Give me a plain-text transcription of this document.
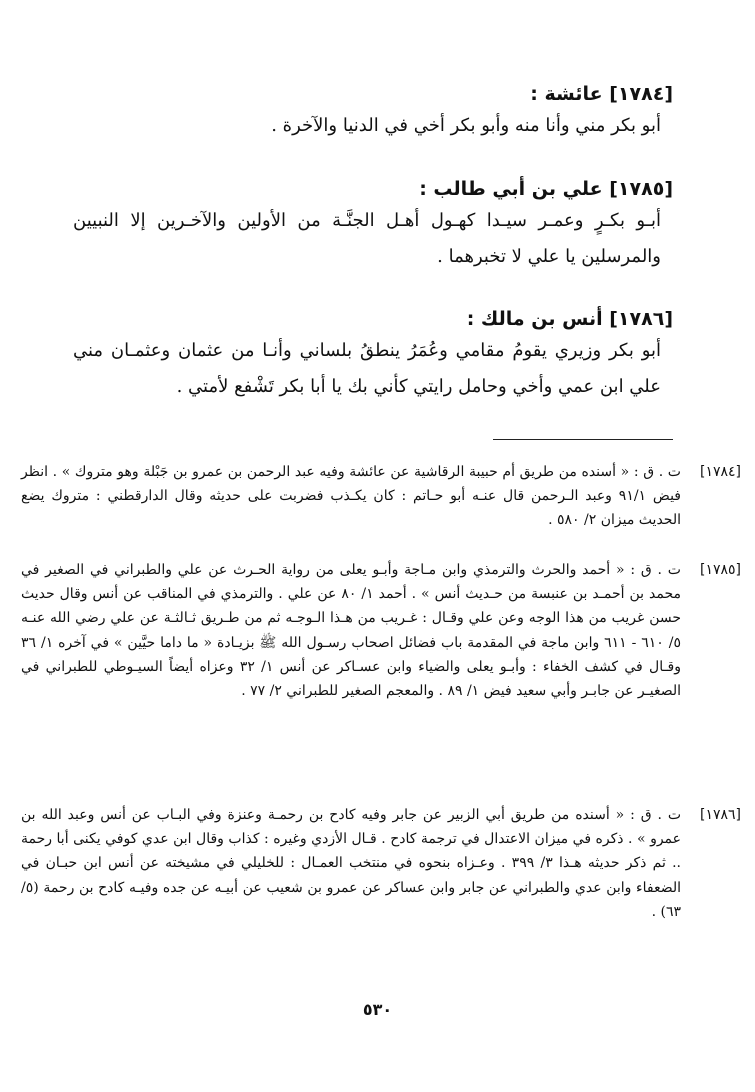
[١٧٨٤] عائشة :
أبو بكر مني وأنا منه وأبو بكر أخي في الدنيا والآخرة .
[١٧٨٥] علي بن أبي طالب :
أبـو بكـرٍ وعمـر سيـدا كهـول أهـل الجنَّـة من الأولين والآخـرين إلا النبيين والمرسلين يا علي لا تخبرهما .
[١٧٨٦] أنس بن مالك :
أبو بكر وزيري يقومُ مقامي وعُمَرُ ينطقُ بلساني وأنـا من عثمان وعثمـان مني علي ابن عمي وأخي وحامل رايتي كأني بك يا أبا بكر تَشْفع لأمتي .
[١٧٨٤]
ت . ق : « أسنده من طريق أم حبيبة الرقاشية عن عائشة وفيه عبد الرحمن بن عمرو بن جَبْلة وهو متروك » . انظر فيض ٩١/١ وعبد الـرحمن قال عنـه أبو حـاتم : كان يكـذب فضربت على حديثه وقال الدارقطني : متروك يضع الحديث ميزان ٢/ ٥٨٠ .
[١٧٨٥]
ت . ق : « أحمد والحرث والترمذي وابن مـاجة وأبـو يعلى من رواية الحـرث عن علي والطبراني في الصغير في محمد بن أحمـد بن عنبسة من حـديث أنس » . أحمد ١/ ٨٠ عن علي . والترمذي في المناقب عن أنس وقال حديث حسن غريب من هذا الوجه وعن علي وقـال : غـريب من هـذا الـوجـه ثم من طـريق ثـالثـة عن علي رضي الله عنـه ٥/ ٦١٠ - ٦١١ وابن ماجة في المقدمة باب فضائل اصحاب رسـول الله ﷺ بزيـادة « ما داما حيَّين » في آخره ١/ ٣٦ وقـال في كشف الخفاء : وأبـو يعلى والضياء وابن عسـاكر عن أنس ١/ ٣٢ وعزاه أيضاً السيـوطي للطبراني في الصغيـر عن جابـر وأبي سعيد فيض ١/ ٨٩ . والمعجم الصغير للطبراني ٢/ ٧٧ .
[١٧٨٦]
ت . ق : « أسنده من طريق أبي الزبير عن جابر وفيه كادح بن رحمـة وعنزة وفي البـاب عن أنس وعبد الله بن عمرو » . ذكره في ميزان الاعتدال في ترجمة كادح . قـال الأزدي وغيره : كذاب وقال ابن عدي كوفي يكنى أبا رحمة .. ثم ذكر حديثه هـذا ٣/ ٣٩٩ . وعـزاه بنحوه في منتخب العمـال : للخليلي في مشيخته عن أنس ابن حبـان في الضعفاء وابن عدي والطبراني عن جابر وابن عساكر عن عمرو بن شعيب عن أبيـه عن جده وفيـه كادح بن رحمة (٥/ ٦٣) .
٥٣٠
